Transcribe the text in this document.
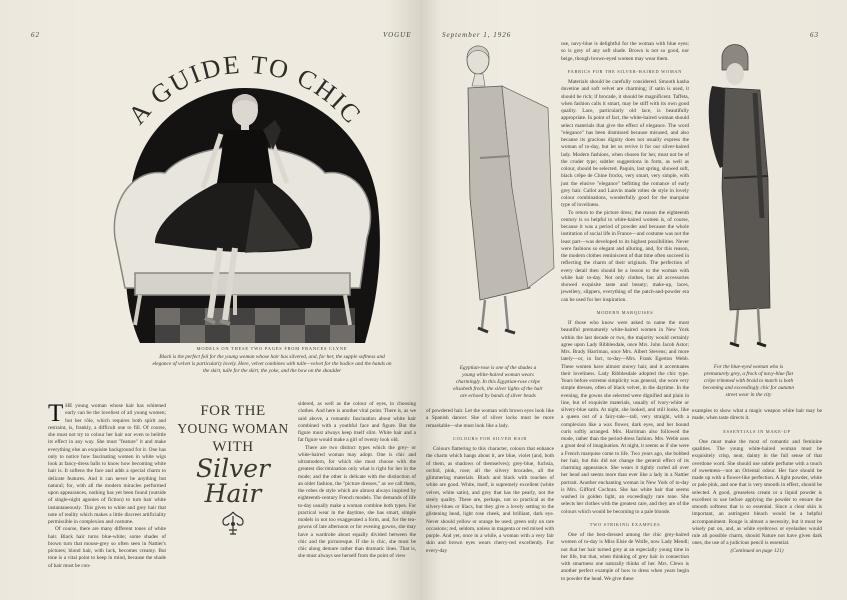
62	VOGUE
A GUIDE TO CHIC
MODELS ON THESE TWO PAGES FROM FRANCES CLYNE
Black is the perfect foil for the young woman whose hair has silvered, and, for her, the supple softness and elegance of velvet is particularly lovely. Here, velvet combines with tulle—velvet for the bodice and the bands on the skirt, tulle for the skirt, the yoke, and the bow on the shoulder

THE young woman whose hair has whitened early can be the loveliest of all young women; but her rôle, which requires both spirit and restraint, is, frankly, a difficult one to fill. Of course, she must not try to colour her hair nor even to belittle its effect in any way. She must "feature" it and make everything else an exquisite background for it. One has only to notice how fascinating women in white wigs look at fancy-dress balls to know how becoming white hair is. It softens the face and adds a special charm to delicate features. And it can never be anything but natural; for, with all the modern miracles performed upon appearances, nothing has yet been found (outside of single-night agonies of fiction) to turn hair white instantaneously. This gives to white and grey hair that note of reality which makes a little discreet artificiality permissible in complexion and costume.

Of course, there are many different tones of white hair. Black hair turns blue-white; some shades of brown turn that mouse-grey so often seen in Nattier's pictures; blond hair, with luck, becomes creamy. But tone is a vital point to keep in mind, because the shade of hair must be con-

FOR THE
YOUNG WOMAN
WITH
Silver
Hair

sidered, as well as the colour of eyes, in choosing clothes. And here is another vital point. There is, as we said above, a romantic fascination about white hair combined with a youthful face and figure. But the figure must always keep itself slim. White hair and a fat figure would make a girl of twenty look old.

There are two distinct types which the grey- or white-haired woman may adopt. One is chic and ultramodern, for which she must choose with the greatest discrimination only what is right for her in the mode; and the other is delicate with the distinction of an older fashion, the "picture dresses," as we call them, the robes de style which are almost always inspired by eighteenth-century French models. The demands of life to-day usually make a woman combine both types. For practical wear in the daytime, she has smart, simple models in not too exaggerated a form, and, for the tea-gowns of late afternoon or for evening gowns, she may have a wardrobe about equally divided between the chic and the picturesque. If she is chic, she must be chic along demure rather than dramatic lines. That is, she must always see herself from the point of view

September 1, 1926	63
Egyptian-rose is one of the shades a young white-haired woman wears charmingly. In this Egyptian-rose crêpe elisabeth frock, the silver lights of the hair are echoed by bands of silver beads

of powdered hair. Let the woman with brown eyes look like a Spanish dancer. She of silver locks must be more remarkable—she must look like a lady.

COLOURS FOR SILVER HAIR

Colours flattering to this character, colours that enhance the charm which hangs about it, are blue, violet (and, both of them, as shadows of themselves); grey-blue, fuchsia, orchid, pink, rose; all the silvery brocades, all the glimmering materials. Black and black with touches of white are good. White, itself, is supremely excellent (white velvet, white satin), and grey that has the pearly, not the steely quality. These are, perhaps, not so practical as the silvery-blues or lilacs, but they give a lovely setting to the glistening head, light rose cheek, and brilliant, dark eye. Never should yellow or orange be used; green only on rare occasions; red, seldom, unless in magenta or red mixed with purple. And yet, once in a while, a woman with a very fair skin and brown eyes wears cherry-red excellently. For every-day

use, navy-blue is delightful for the woman with blue eyes; so is grey of any soft shade. Brown is not so good, nor beige, though brown-eyed women may wear them.

FABRICS FOR THE SILVER-HAIRED WOMAN

Materials should be carefully considered. Smooth kasha duvetine and soft velvet are charming; if satin is used, it should be rich; if brocade, it should be magnificent. Taffeta, when fashion calls it smart, may be stiff with its own good quality. Lace, particularly old lace, is beautifully appropriate. In point of fact, the white-haired woman should select materials that give the effect of elegance. The word "elegance" has been dismissed because misused, and also because its gracious dignity does not usually express the woman of to-day, but let us revive it for our silver-haired lady. Modern fashions, when chosen for her, must not be of the cruder type; subtler suggestions in form, as well as colour, should be selected. Paquin, last spring, showed soft, black crêpe de Chine frocks, very smart, very simple, with just the elusive "elegance" befitting the romance of early grey hair. Callot and Lanvin made robes de style in lovely colour combinations, wonderfully good for the marquise type of loveliness.

To return to the picture dress; the reason the eighteenth century is so helpful to white-haired women is, of course, because it was a period of powder and because the whole institution of social life in France—and costume was not the least part—was developed to its highest possibilities. Never were fashions so elegant and alluring, and, for this reason, the modern clothes reminiscent of that time often succeed in reflecting the charm of their originals. The perfection of every detail then should be a lesson to the woman with white hair to-day. Not only clothes, but all accessories showed exquisite taste and beauty; make-up, laces, jewellery, slippers, everything of the patch-and-powder era can be used for her inspiration.

MODERN MARQUISES

If those who know were asked to name the most beautiful prematurely white-haired women in New York within the last decade or two, the majority would certainly agree upon Lady Ribblesdale, once Mrs. John Jacob Astor; Mrs. Brady Harriman, once Mrs. Albert Stevens; and more lately—or, in fact, to-day—Mrs. Frank Egerton Webb. These women have almost snowy hair, and it accentuates their loveliness. Lady Ribblesdale adopted the chic type. Years before extreme simplicity was general, she wore very simple dresses, often of black velvet, in the daytime. In the evening, the gowns she selected were dignified and plain in line, but of exquisite materials, usually of ivory-white or silvery-blue satin. At night, she looked, and still looks, like a queen out of a fairy-tale—tall, very straight, with a complexion like a wax flower, dark eyes, and her bound curls softly arranged. Mrs. Harriman also followed the mode, rather than the period-dress fashion. Mrs. Webb uses a great deal of imagination. At night, it seems as if she were a French marquise come to life. Two years ago, she bobbed her hair, but this did not change the general effect of its charming appearance. She wears it tightly curled all over her head and seems more than ever like a lady in a Nattier portrait. Another enchanting woman in New York of to-day is Mrs. Gifford Cochran. She has white hair that seems washed in golden light, an exceedingly rare tone. She selects her clothes with the greatest care, and they are of the colours which would be becoming to a pale blonde.

TWO STRIKING EXAMPLES

One of the best-dressed among the chic grey-haired women of to-day is Miss Elsie de Wolfe, now Lady Mendl; not that her hair turned grey at an especially young time in her life, but that, when thinking of grey hair in connection with smartness one naturally thinks of her. Mrs. Clews is another perfect example of how to dress when years begin to powder the head. We give these

For the blue-eyed woman who is prematurely grey, a frock of navy-blue flat crêpe trimmed with braid to match is both becoming and exceedingly chic for autumn street wear in the city

examples to show what a magic weapon white hair may be made, when taste directs it.

ESSENTIALS IN MAKE-UP

One must make the most of romantic and feminine qualities. The young white-haired woman must be exquisitely crisp, neat, dainty in the full sense of that overdone word. She should use subtle perfume with a touch of sweetness—not an Oriental odour. Her face should be made up with a flower-like perfection. A light powder, white or pale pink, and one that is very smooth in effect, should be selected. A good, greaseless cream or a liquid powder is excellent to use before applying the powder to ensure the smooth softness that is so essential. Since a clear skin is important, an astringent bleach would be a helpful accompaniment. Rouge is almost a necessity, but it must be wisely put on, and, as white eyebrows or eyelashes would rule all possible charm, should Nature not have given dark ones, the use of a judicious pencil is essential.

(Continued on page 121)
